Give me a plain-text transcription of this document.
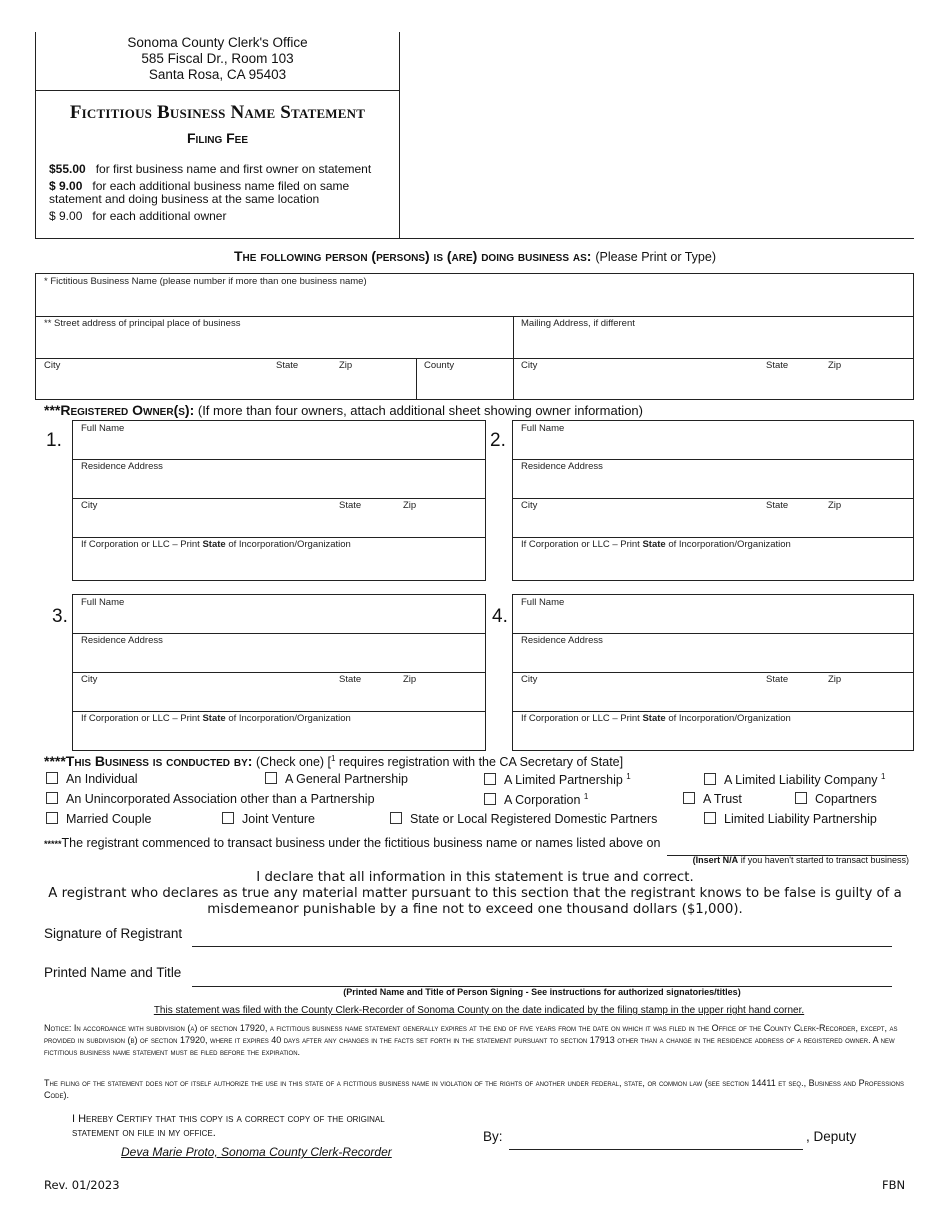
Sonoma County Clerk's Office
585 Fiscal Dr., Room 103
Santa Rosa, CA 95403
Fictitious Business Name Statement
Filing Fee
$55.00 for first business name and first owner on statement
$ 9.00 for each additional business name filed on same statement and doing business at the same location
$ 9.00 for each additional owner
The following person (persons) is (are) doing business as: (Please Print or Type)
* Fictitious Business Name (please number if more than one business name)
** Street address of principal place of business	Mailing Address, if different
City	State	Zip	County	City	State	Zip
***Registered Owner(s): (If more than four owners, attach additional sheet showing owner information)
1.
Full Name
Residence Address
City	State	Zip
If Corporation or LLC – Print State of Incorporation/Organization
2.
Full Name
Residence Address
City	State	Zip
If Corporation or LLC – Print State of Incorporation/Organization
3.
Full Name
Residence Address
City	State	Zip
If Corporation or LLC – Print State of Incorporation/Organization
4.
Full Name
Residence Address
City	State	Zip
If Corporation or LLC – Print State of Incorporation/Organization
****This Business is conducted by: (Check one) [$^1$ requires registration with the CA Secretary of State]
An Individual	A General Partnership	A Limited Partnership $^1$	A Limited Liability Company $^1$
An Unincorporated Association other than a Partnership	A Corporation $^1$	A Trust	Copartners
Married Couple	Joint Venture	State or Local Registered Domestic Partners	Limited Liability Partnership
*****The registrant commenced to transact business under the fictitious business name or names listed above on
(Insert N/A if you haven't started to transact business)
I declare that all information in this statement is true and correct.
A registrant who declares as true any material matter pursuant to this section that the registrant knows to be false is guilty of a misdemeanor punishable by a fine not to exceed one thousand dollars ($1,000).
Signature of Registrant
Printed Name and Title
(Printed Name and Title of Person Signing - See instructions for authorized signatories/titles)
This statement was filed with the County Clerk-Recorder of Sonoma County on the date indicated by the filing stamp in the upper right hand corner.
Notice: In accordance with subdivision (a) of section 17920, a fictitious business name statement generally expires at the end of five years from the date on which it was filed in the Office of the County Clerk-Recorder, except, as provided in subdivision (b) of section 17920, where it expires 40 days after any changes in the facts set forth in the statement pursuant to section 17913 other than a change in the residence address of a registered owner. A new fictitious business name statement must be filed before the expiration.
The filing of the statement does not of itself authorize the use in this state of a fictitious business name in violation of the rights of another under federal, state, or common law (see section 14411 et seq., Business and Professions Code).
I Hereby Certify that this copy is a correct copy of the original
statement on file in my office.
Deva Marie Proto, Sonoma County Clerk-Recorder
By:	, Deputy
Rev. 01/2023	FBN
